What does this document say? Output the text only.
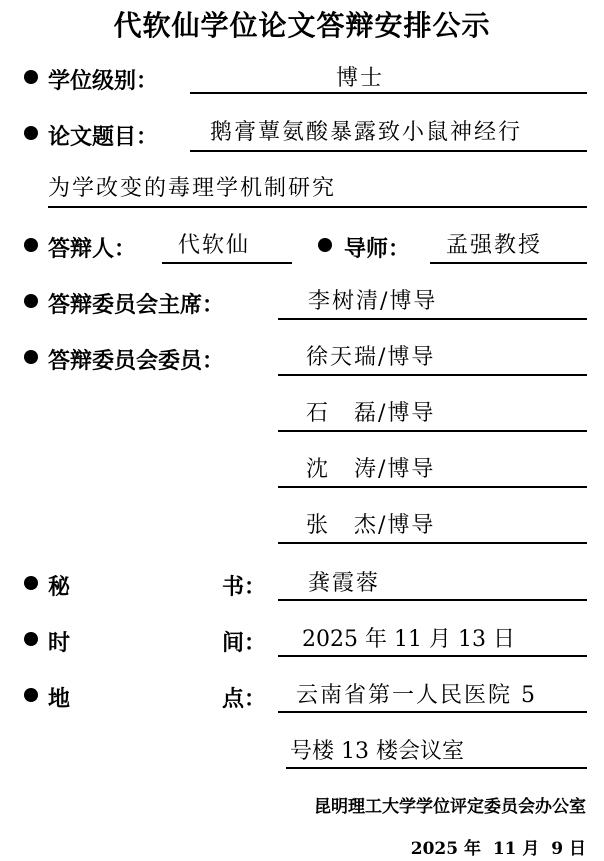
代软仙学位论文答辩安排公示
学位级别：	博士
论文题目： 鹅膏蕈氨酸暴露致小鼠神经行
为学改变的毒理学机制研究
答辩人： 代软仙	导师： 孟强教授
答辩委员会主席：	李树清/博导
答辩委员会委员：	徐天瑞/博导
石　磊/博导
沈　涛/博导
张　杰/博导
秘	书： 龚霞蓉
时	间： 2025 年 11 月 13 日
地	点： 云南省第一人民医院 5
号楼 13 楼会议室
昆明理工大学学位评定委员会办公室
2025 年  11 月  9 日
